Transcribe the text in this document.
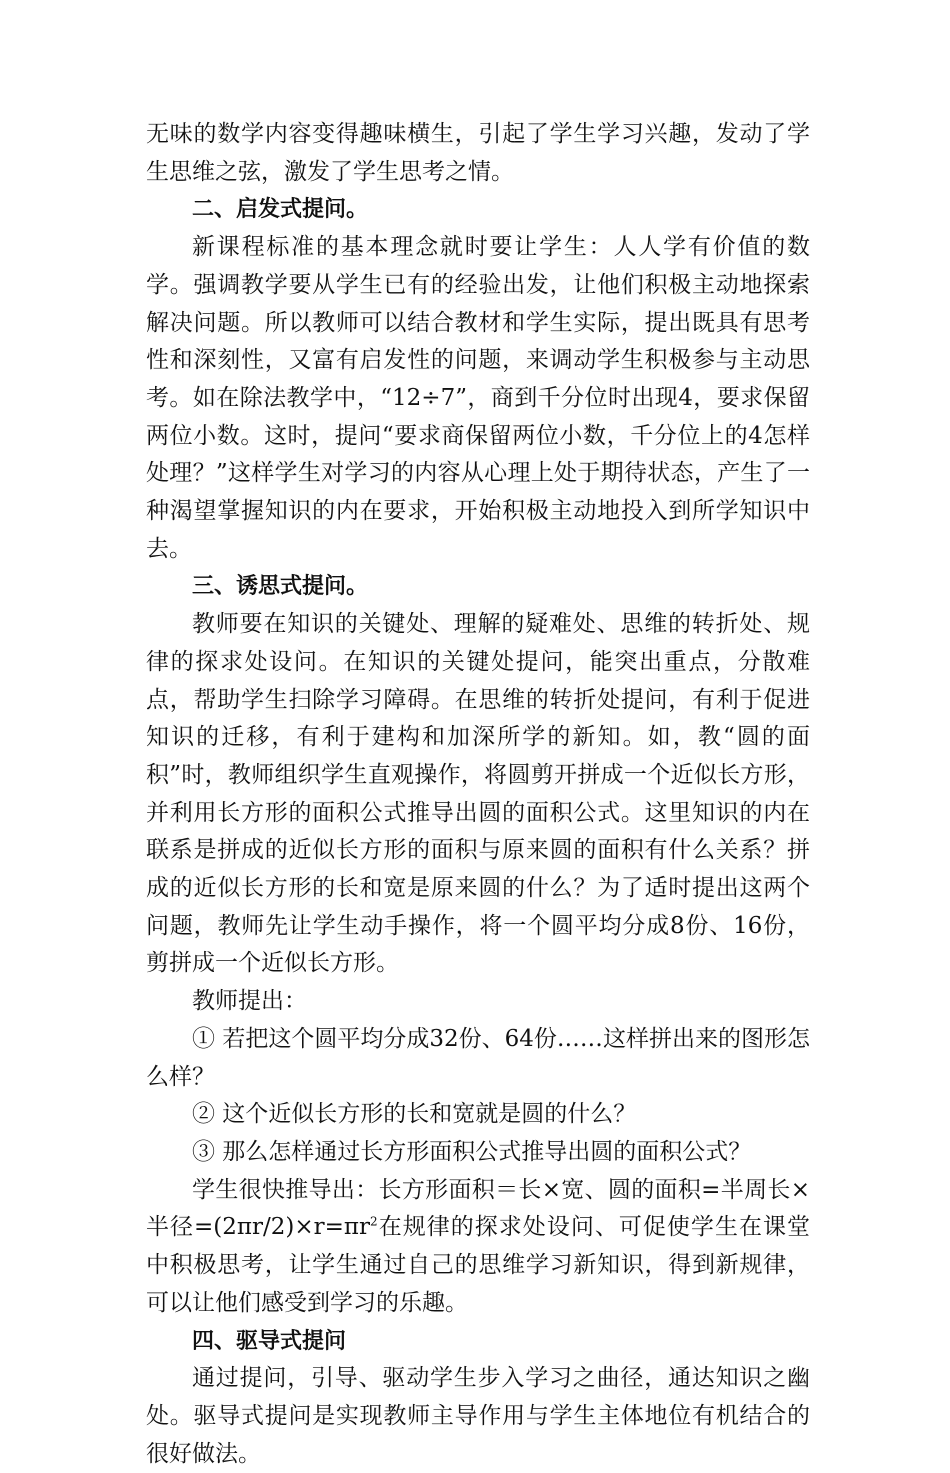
无味的数学内容变得趣味横生，引起了学生学习兴趣，发动了学生思维之弦，激发了学生思考之情。

二、启发式提问。

新课程标准的基本理念就时要让学生：人人学有价值的数学。强调教学要从学生已有的经验出发，让他们积极主动地探索解决问题。所以教师可以结合教材和学生实际，提出既具有思考性和深刻性，又富有启发性的问题，来调动学生积极参与主动思考。如在除法教学中，“12÷7”，商到千分位时出现4，要求保留两位小数。这时，提问“要求商保留两位小数，千分位上的4怎样处理？”这样学生对学习的内容从心理上处于期待状态，产生了一种渴望掌握知识的内在要求，开始积极主动地投入到所学知识中去。

三、诱思式提问。

教师要在知识的关键处、理解的疑难处、思维的转折处、规律的探求处设问。在知识的关键处提问，能突出重点，分散难点，帮助学生扫除学习障碍。在思维的转折处提问，有利于促进知识的迁移，有利于建构和加深所学的新知。如，教“圆的面积”时，教师组织学生直观操作，将圆剪开拼成一个近似长方形，并利用长方形的面积公式推导出圆的面积公式。这里知识的内在联系是拼成的近似长方形的面积与原来圆的面积有什么关系？拼成的近似长方形的长和宽是原来圆的什么？为了适时提出这两个问题，教师先让学生动手操作，将一个圆平均分成8份、16份，剪拼成一个近似长方形。

教师提出：

① 若把这个圆平均分成32份、64份……这样拼出来的图形怎么样？

② 这个近似长方形的长和宽就是圆的什么？

③ 那么怎样通过长方形面积公式推导出圆的面积公式？

学生很快推导出：长方形面积＝长×宽、圆的面积=半周长×半径$=(2\pi r/2)\times r=\pi r^2$在规律的探求处设问、可促使学生在课堂中积极思考，让学生通过自己的思维学习新知识，得到新规律，可以让他们感受到学习的乐趣。

四、驱导式提问

通过提问，引导、驱动学生步入学习之曲径，通达知识之幽处。驱导式提问是实现教师主导作用与学生主体地位有机结合的很好做法。
